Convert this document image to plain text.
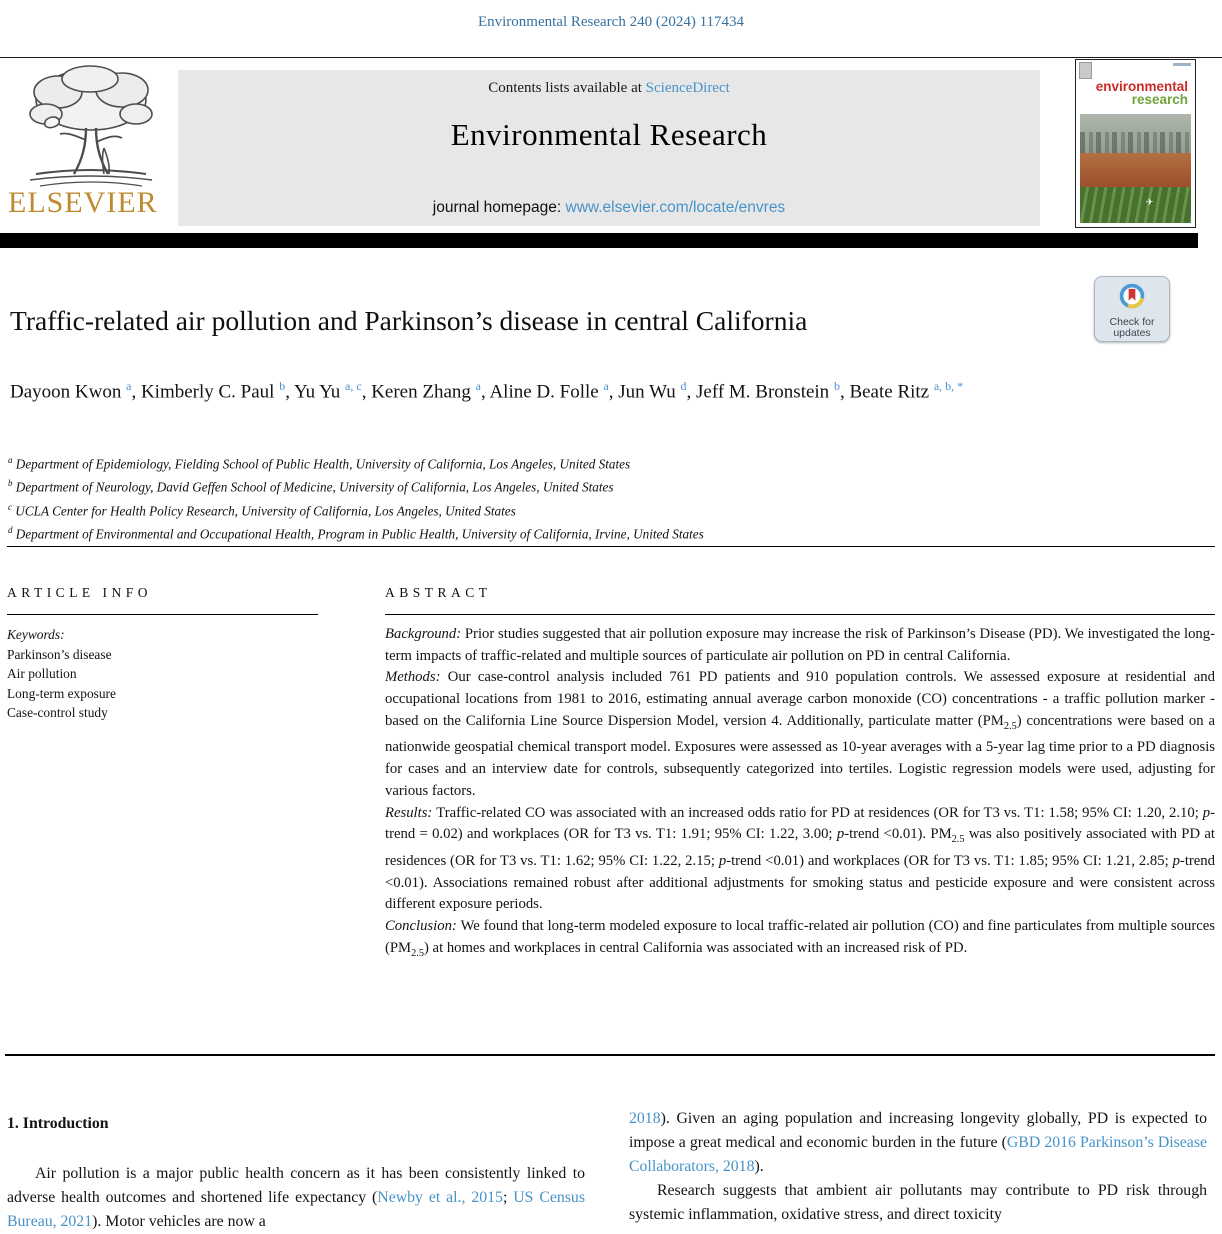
Environmental Research 240 (2024) 117434
ELSEVIER
Contents lists available at ScienceDirect
Environmental Research
journal homepage: www.elsevier.com/locate/envres
environmental
research
✈
Check for
updates
Traffic-related air pollution and Parkinson’s disease in central California
Dayoon Kwon $^a$, Kimberly C. Paul $^b$, Yu Yu $^{a, c}$, Keren Zhang $^a$, Aline D. Folle $^a$, Jun Wu $^d$, Jeff M. Bronstein $^b$, Beate Ritz $^{a, b, *}$
$^a$ Department of Epidemiology, Fielding School of Public Health, University of California, Los Angeles, United States
$^b$ Department of Neurology, David Geffen School of Medicine, University of California, Los Angeles, United States
$^c$ UCLA Center for Health Policy Research, University of California, Los Angeles, United States
$^d$ Department of Environmental and Occupational Health, Program in Public Health, University of California, Irvine, United States
ARTICLE INFO
Keywords:
Parkinson’s disease
Air pollution
Long-term exposure
Case-control study
ABSTRACT

Background: Prior studies suggested that air pollution exposure may increase the risk of Parkinson’s Disease (PD). We investigated the long-term impacts of traffic-related and multiple sources of particulate air pollution on PD in central California.

Methods: Our case-control analysis included 761 PD patients and 910 population controls. We assessed exposure at residential and occupational locations from 1981 to 2016, estimating annual average carbon monoxide (CO) concentrations - a traffic pollution marker - based on the California Line Source Dispersion Model, version 4. Additionally, particulate matter $(PM_{2.5})$ concentrations were based on a nationwide geospatial chemical transport model. Exposures were assessed as 10-year averages with a 5-year lag time prior to a PD diagnosis for cases and an interview date for controls, subsequently categorized into tertiles. Logistic regression models were used, adjusting for various factors.

Results: Traffic-related CO was associated with an increased odds ratio for PD at residences (OR for T3 vs. T1: 1.58; 95% CI: 1.20, 2.10; p-trend = 0.02) and workplaces (OR for T3 vs. T1: 1.91; 95% CI: 1.22, 3.00; p-trend <0.01). $PM_{2.5}$ was also positively associated with PD at residences (OR for T3 vs. T1: 1.62; 95% CI: 1.22, 2.15; p-trend <0.01) and workplaces (OR for T3 vs. T1: 1.85; 95% CI: 1.21, 2.85; p-trend <0.01). Associations remained robust after additional adjustments for smoking status and pesticide exposure and were consistent across different exposure periods.

Conclusion: We found that long-term modeled exposure to local traffic-related air pollution (CO) and fine particulates from multiple sources $(PM_{2.5})$ at homes and workplaces in central California was associated with an increased risk of PD.

1. Introduction

Air pollution is a major public health concern as it has been consistently linked to adverse health outcomes and shortened life expectancy (Newby et al., 2015; US Census Bureau, 2021). Motor vehicles are now a

2018). Given an aging population and increasing longevity globally, PD is expected to impose a great medical and economic burden in the future (GBD 2016 Parkinson’s Disease Collaborators, 2018).

Research suggests that ambient air pollutants may contribute to PD risk through systemic inflammation, oxidative stress, and direct toxicity
